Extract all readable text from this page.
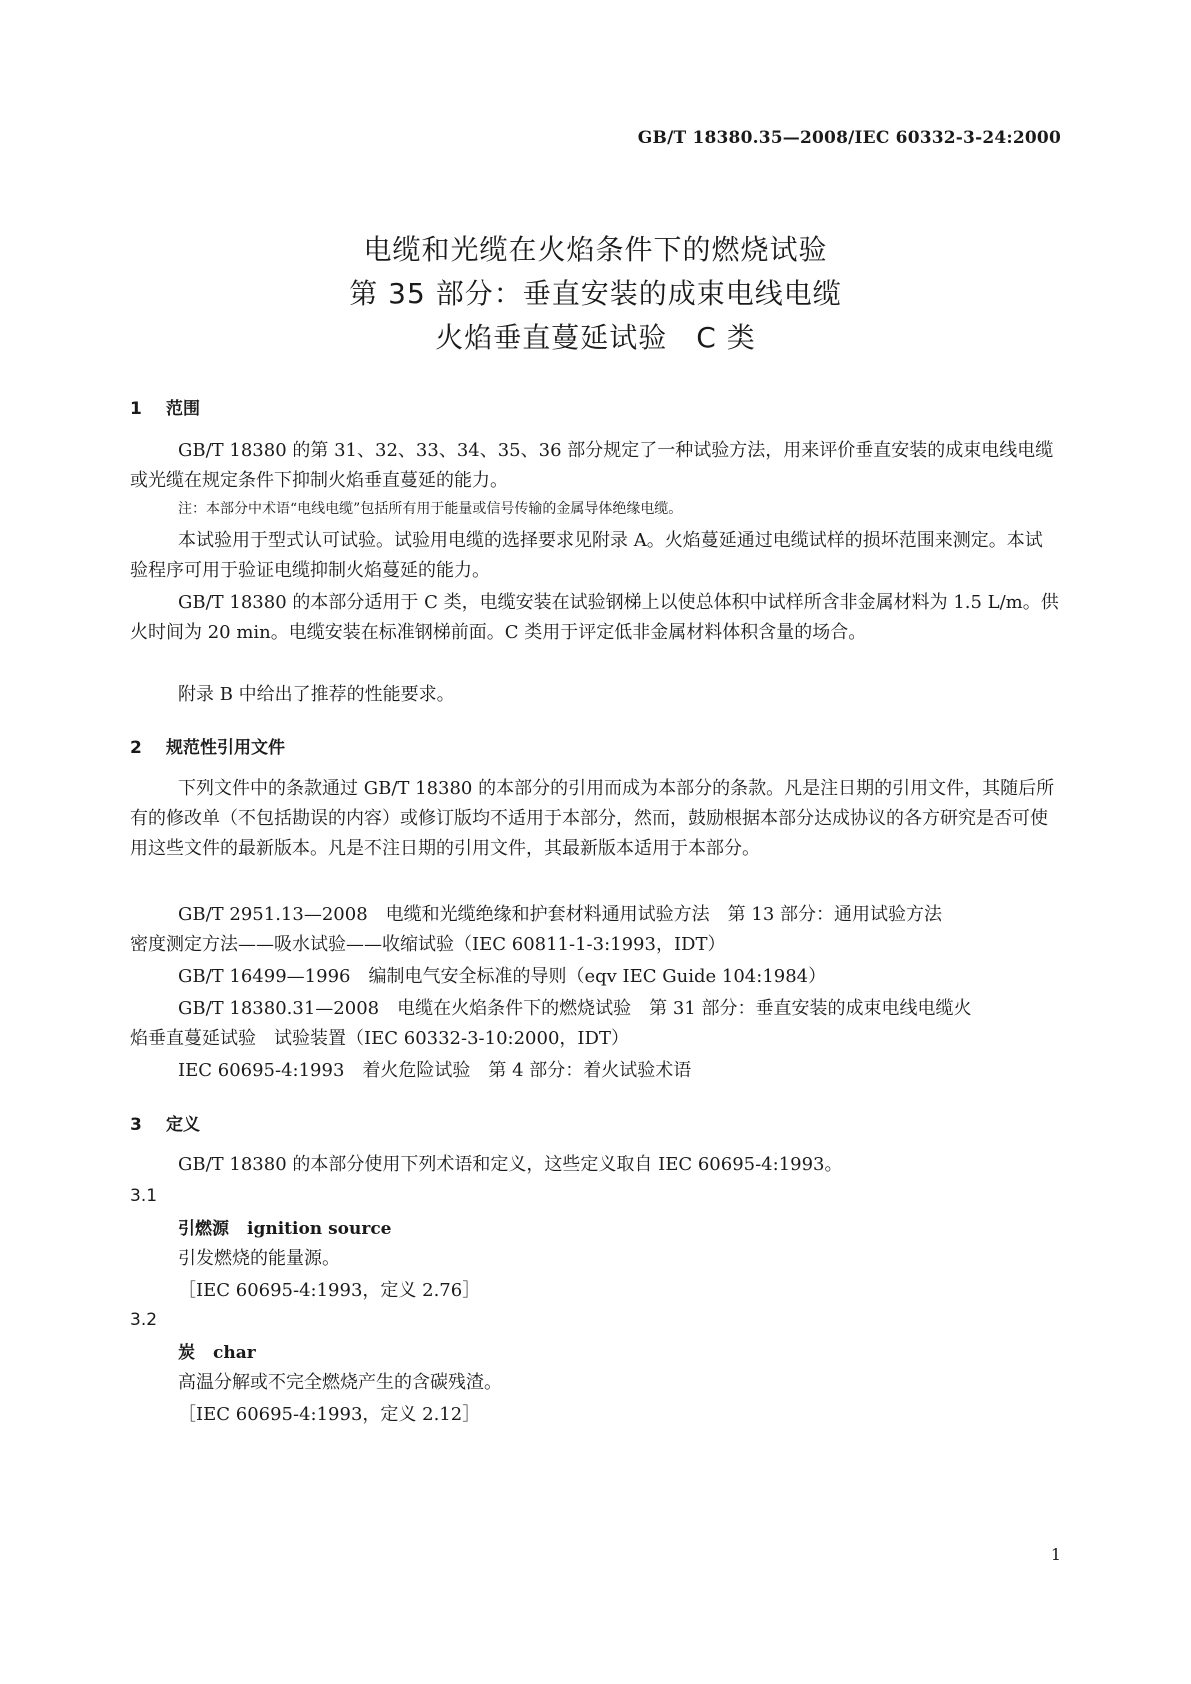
GB/T 18380.35—2008/IEC 60332-3-24:2000
电缆和光缆在火焰条件下的燃烧试验
第 35 部分：垂直安装的成束电线电缆
火焰垂直蔓延试验　C 类
1 范围
GB/T 18380 的第 31、32、33、34、35、36 部分规定了一种试验方法，用来评价垂直安装的成束电线电缆或光缆在规定条件下抑制火焰垂直蔓延的能力。
注：本部分中术语“电线电缆”包括所有用于能量或信号传输的金属导体绝缘电缆。
本试验用于型式认可试验。试验用电缆的选择要求见附录 A。火焰蔓延通过电缆试样的损坏范围来测定。本试验程序可用于验证电缆抑制火焰蔓延的能力。
GB/T 18380 的本部分适用于 C 类，电缆安装在试验钢梯上以使总体积中试样所含非金属材料为 1.5 L/m。供火时间为 20 min。电缆安装在标准钢梯前面。C 类用于评定低非金属材料体积含量的场合。
附录 B 中给出了推荐的性能要求。
2 规范性引用文件
下列文件中的条款通过 GB/T 18380 的本部分的引用而成为本部分的条款。凡是注日期的引用文件，其随后所有的修改单（不包括勘误的内容）或修订版均不适用于本部分，然而，鼓励根据本部分达成协议的各方研究是否可使用这些文件的最新版本。凡是不注日期的引用文件，其最新版本适用于本部分。
GB/T 2951.13—2008　电缆和光缆绝缘和护套材料通用试验方法　第 13 部分：通用试验方法
密度测定方法——吸水试验——收缩试验（IEC 60811-1-3:1993，IDT）
GB/T 16499—1996　编制电气安全标准的导则（eqv IEC Guide 104:1984）
GB/T 18380.31—2008　电缆在火焰条件下的燃烧试验　第 31 部分：垂直安装的成束电线电缆火
焰垂直蔓延试验　试验装置（IEC 60332-3-10:2000，IDT）
IEC 60695-4:1993　着火危险试验　第 4 部分：着火试验术语
3 定义
GB/T 18380 的本部分使用下列术语和定义，这些定义取自 IEC 60695-4:1993。
3.1
引燃源 ignition source
引发燃烧的能量源。
［IEC 60695-4:1993，定义 2.76］
3.2
炭 char
高温分解或不完全燃烧产生的含碳残渣。
［IEC 60695-4:1993，定义 2.12］
1
